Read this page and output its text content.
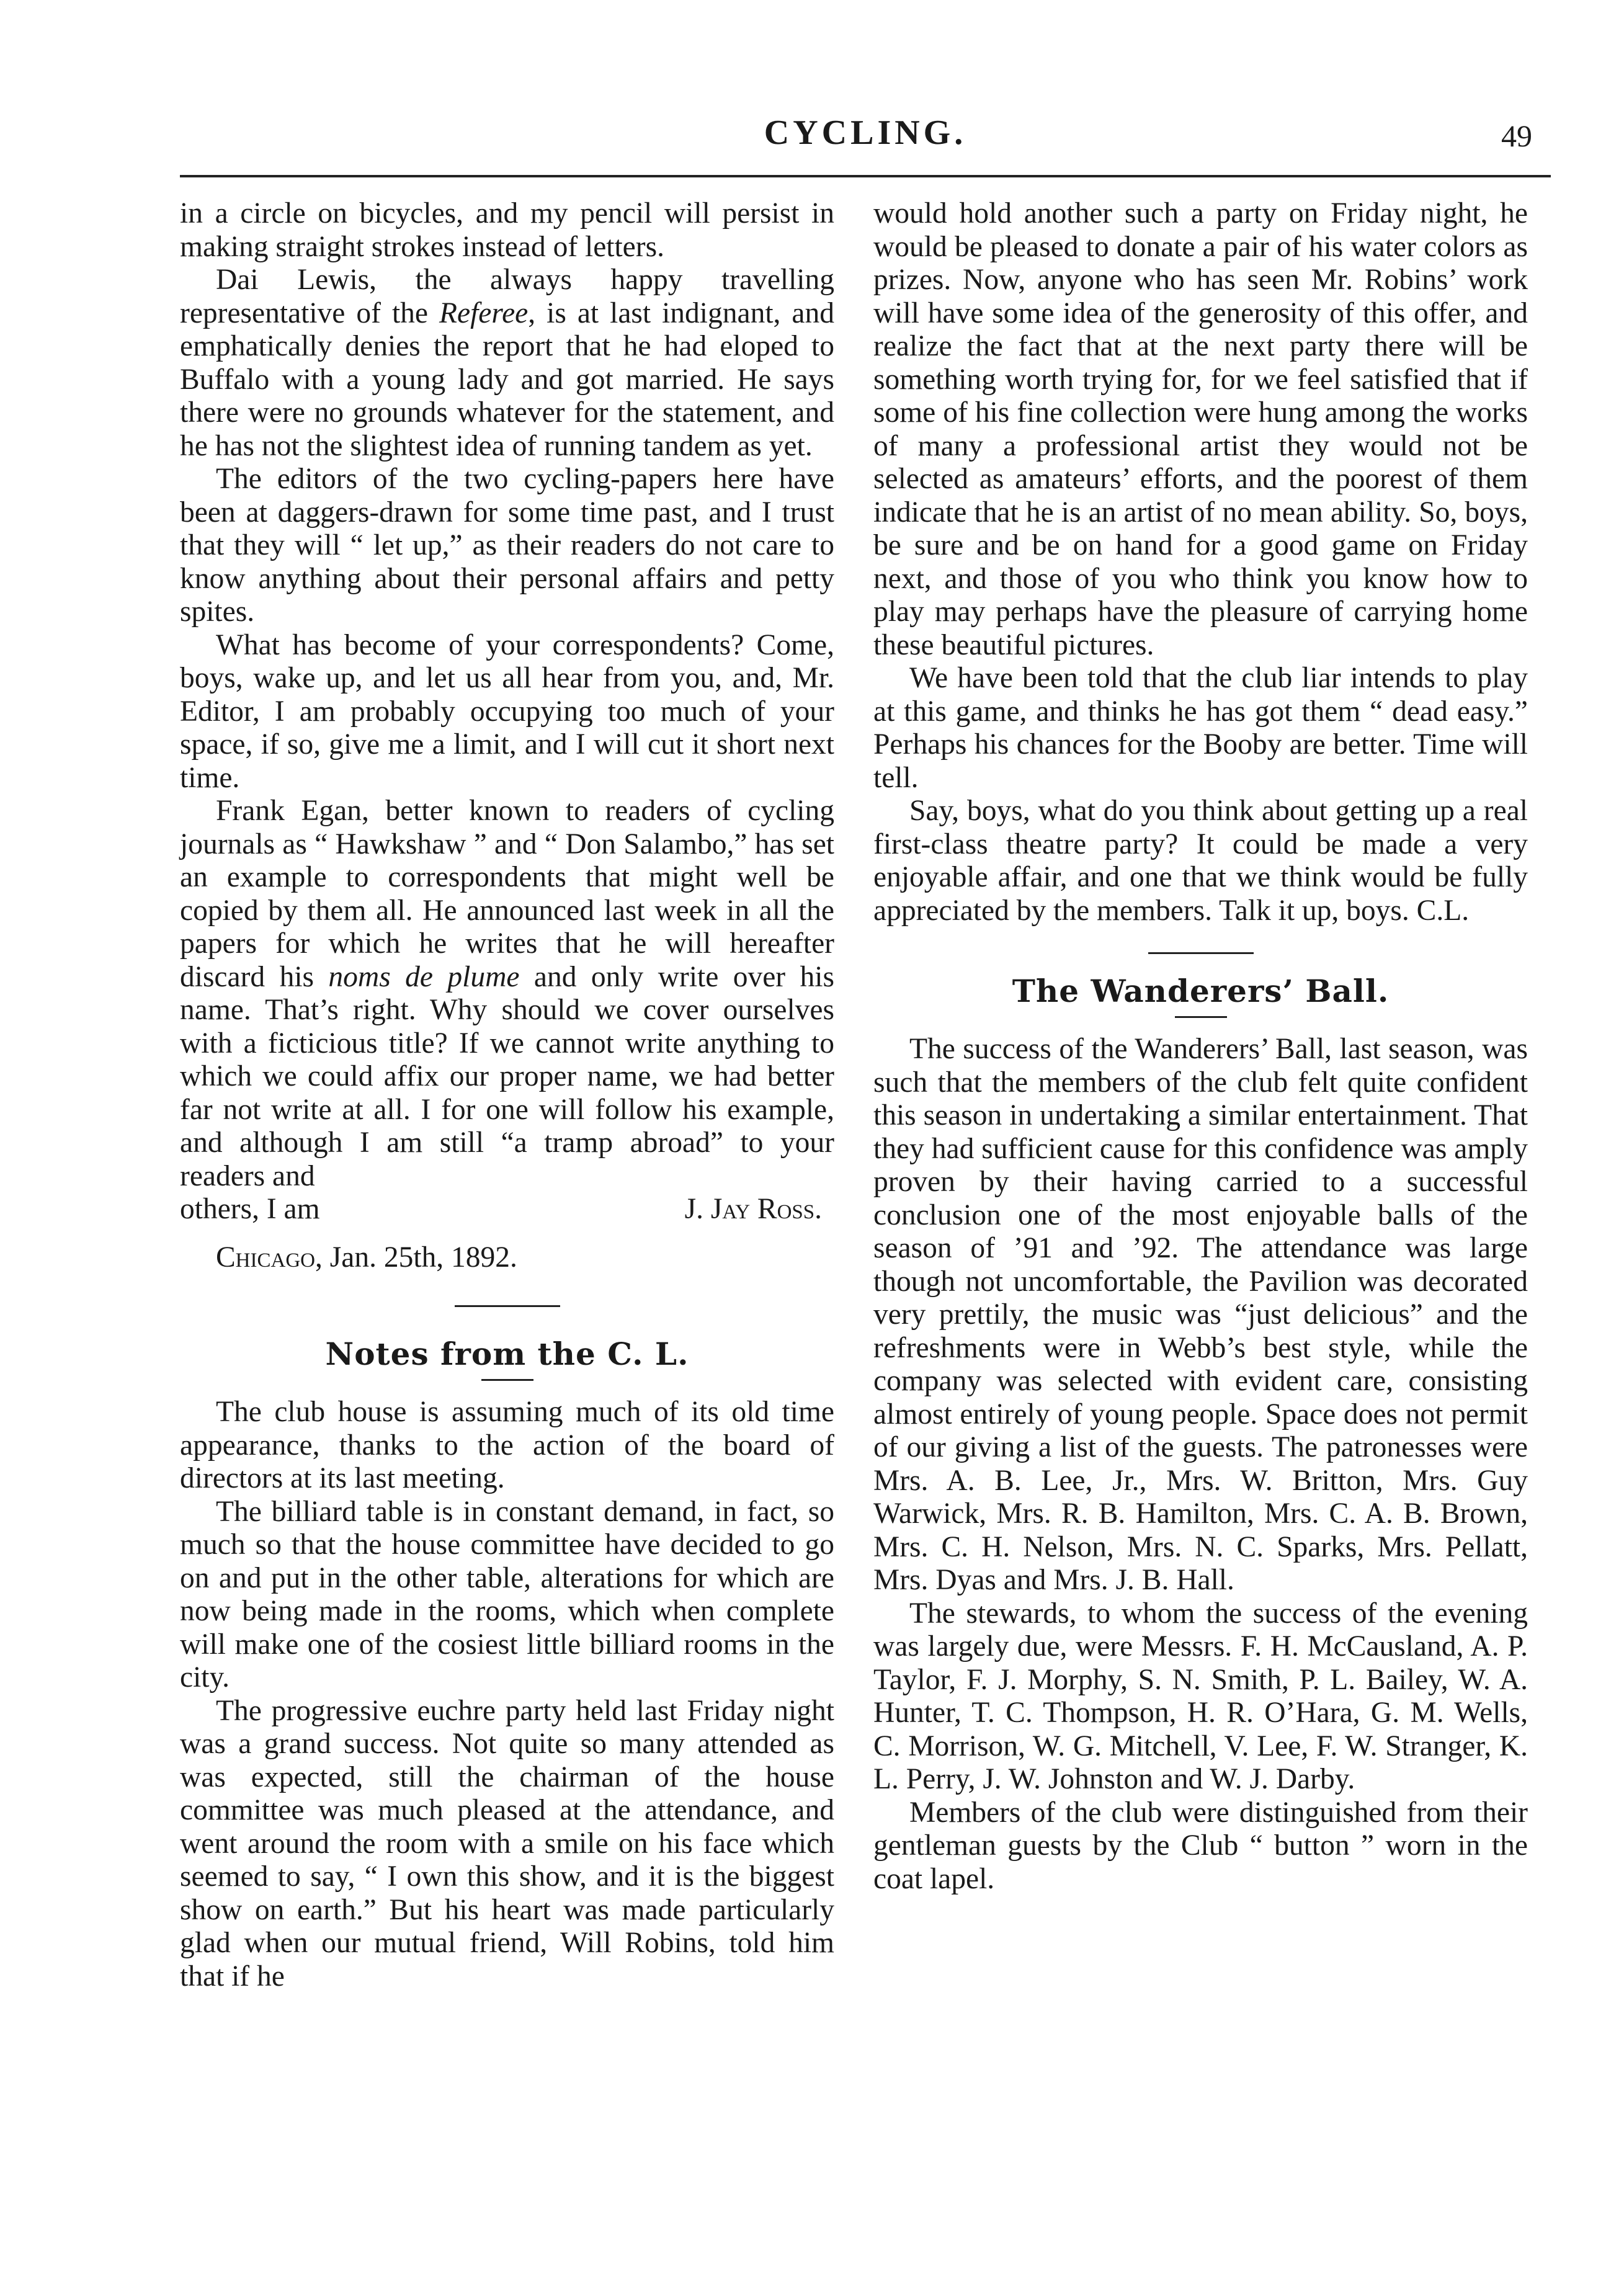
CYCLING.	49

in a circle on bicycles, and my pencil will persist in making straight strokes instead of letters.

Dai Lewis, the always happy travelling representative of the Referee, is at last indignant, and emphatically denies the report that he had eloped to Buffalo with a young lady and got married. He says there were no grounds whatever for the statement, and he has not the slightest idea of running tandem as yet.

The editors of the two cycling-papers here have been at daggers-drawn for some time past, and I trust that they will “ let up,” as their readers do not care to know anything about their personal affairs and petty spites.

What has become of your correspondents? Come, boys, wake up, and let us all hear from you, and, Mr. Editor, I am probably occupying too much of your space, if so, give me a limit, and I will cut it short next time.

Frank Egan, better known to readers of cycling journals as “ Hawkshaw ” and “ Don Salambo,” has set an example to correspondents that might well be copied by them all. He announced last week in all the papers for which he writes that he will hereafter discard his noms de plume and only write over his name. That’s right. Why should we cover ourselves with a ficticious title? If we cannot write anything to which we could affix our proper name, we had better far not write at all. I for one will follow his example, and although I am still “a tramp abroad” to your readers and

others, I am	J. Jay Ross.

Chicago, Jan. 25th, 1892.

Notes from the C. L.

The club house is assuming much of its old time appearance, thanks to the action of the board of directors at its last meeting.

The billiard table is in constant demand, in fact, so much so that the house committee have decided to go on and put in the other table, alterations for which are now being made in the rooms, which when complete will make one of the cosiest little billiard rooms in the city.

The progressive euchre party held last Friday night was a grand success. Not quite so many attended as was expected, still the chairman of the house committee was much pleased at the attendance, and went around the room with a smile on his face which seemed to say, “ I own this show, and it is the biggest show on earth.” But his heart was made particularly glad when our mutual friend, Will Robins, told him that if he

would hold another such a party on Friday night, he would be pleased to donate a pair of his water colors as prizes. Now, anyone who has seen Mr. Robins’ work will have some idea of the generosity of this offer, and realize the fact that at the next party there will be something worth trying for, for we feel satisfied that if some of his fine collection were hung among the works of many a professional artist they would not be selected as amateurs’ efforts, and the poorest of them indicate that he is an artist of no mean ability. So, boys, be sure and be on hand for a good game on Friday next, and those of you who think you know how to play may perhaps have the pleasure of carrying home these beautiful pictures.

We have been told that the club liar intends to play at this game, and thinks he has got them “ dead easy.” Perhaps his chances for the Booby are better. Time will tell.

Say, boys, what do you think about getting up a real first-class theatre party? It could be made a very enjoyable affair, and one that we think would be fully appreciated by the members. Talk it up, boys. C.L.

The Wanderers’ Ball.

The success of the Wanderers’ Ball, last season, was such that the members of the club felt quite confident this season in undertaking a similar entertainment. That they had sufficient cause for this confidence was amply proven by their having carried to a successful conclusion one of the most enjoyable balls of the season of ’91 and ’92. The attendance was large though not uncomfortable, the Pavilion was decorated very prettily, the music was “just delicious” and the refreshments were in Webb’s best style, while the company was selected with evident care, consisting almost entirely of young people. Space does not permit of our giving a list of the guests. The patronesses were Mrs. A. B. Lee, Jr., Mrs. W. Britton, Mrs. Guy Warwick, Mrs. R. B. Hamilton, Mrs. C. A. B. Brown, Mrs. C. H. Nelson, Mrs. N. C. Sparks, Mrs. Pellatt, Mrs. Dyas and Mrs. J. B. Hall.

The stewards, to whom the success of the evening was largely due, were Messrs. F. H. McCausland, A. P. Taylor, F. J. Morphy, S. N. Smith, P. L. Bailey, W. A. Hunter, T. C. Thompson, H. R. O’Hara, G. M. Wells, C. Morrison, W. G. Mitchell, V. Lee, F. W. Stranger, K. L. Perry, J. W. Johnston and W. J. Darby.

Members of the club were distinguished from their gentleman guests by the Club “ button ” worn in the coat lapel.
